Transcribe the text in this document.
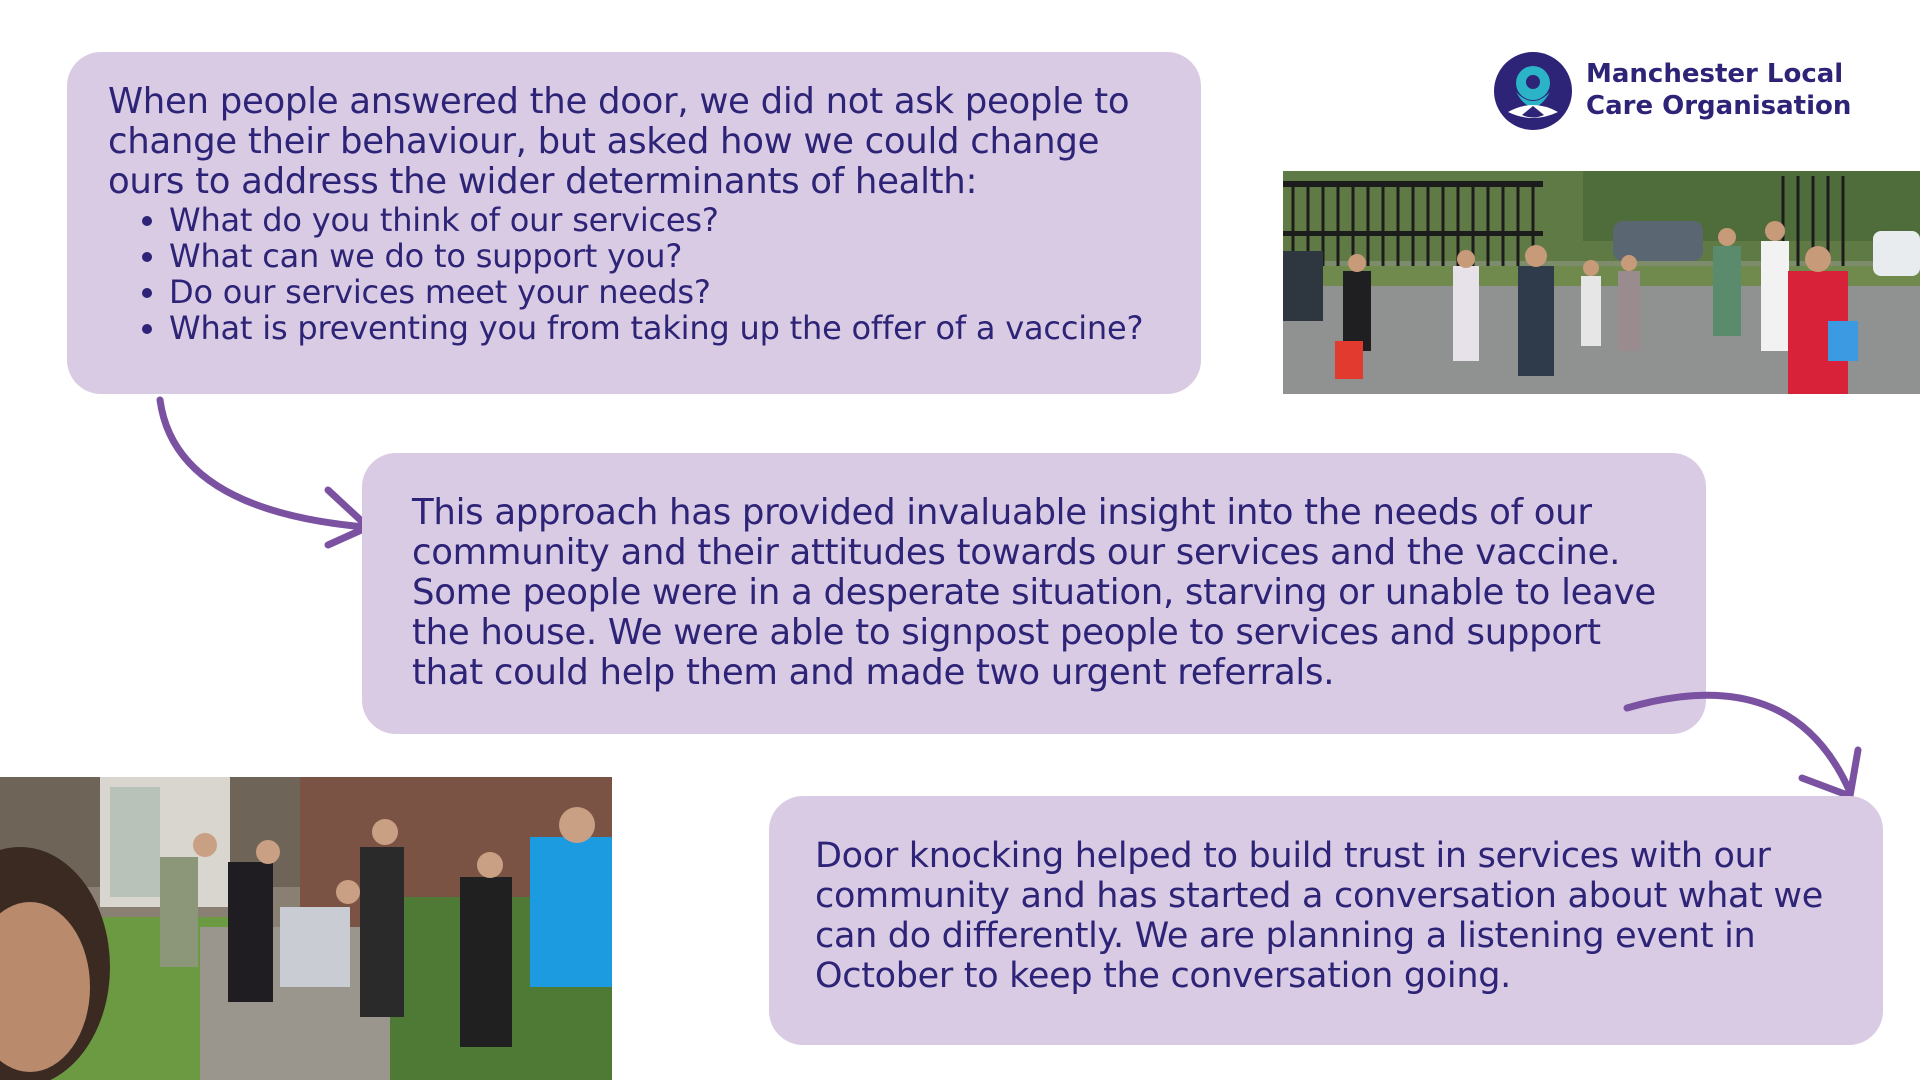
Manchester Local
Care Organisation

When people answered the door, we did not ask people to change their behaviour, but asked how we could change ours to address the wider determinants of health:

• What do you think of our services?
• What can we do to support you?
• Do our services meet your needs?
• What is preventing you from taking up the offer of a vaccine?

This approach has provided invaluable insight into the needs of our community and their attitudes towards our services and the vaccine. Some people were in a desperate situation, starving or unable to leave the house. We were able to signpost people to services and support that could help them and made two urgent referrals.

Door knocking helped to build trust in services with our community and has started a conversation about what we can do differently. We are planning a listening event in October to keep the conversation going.
